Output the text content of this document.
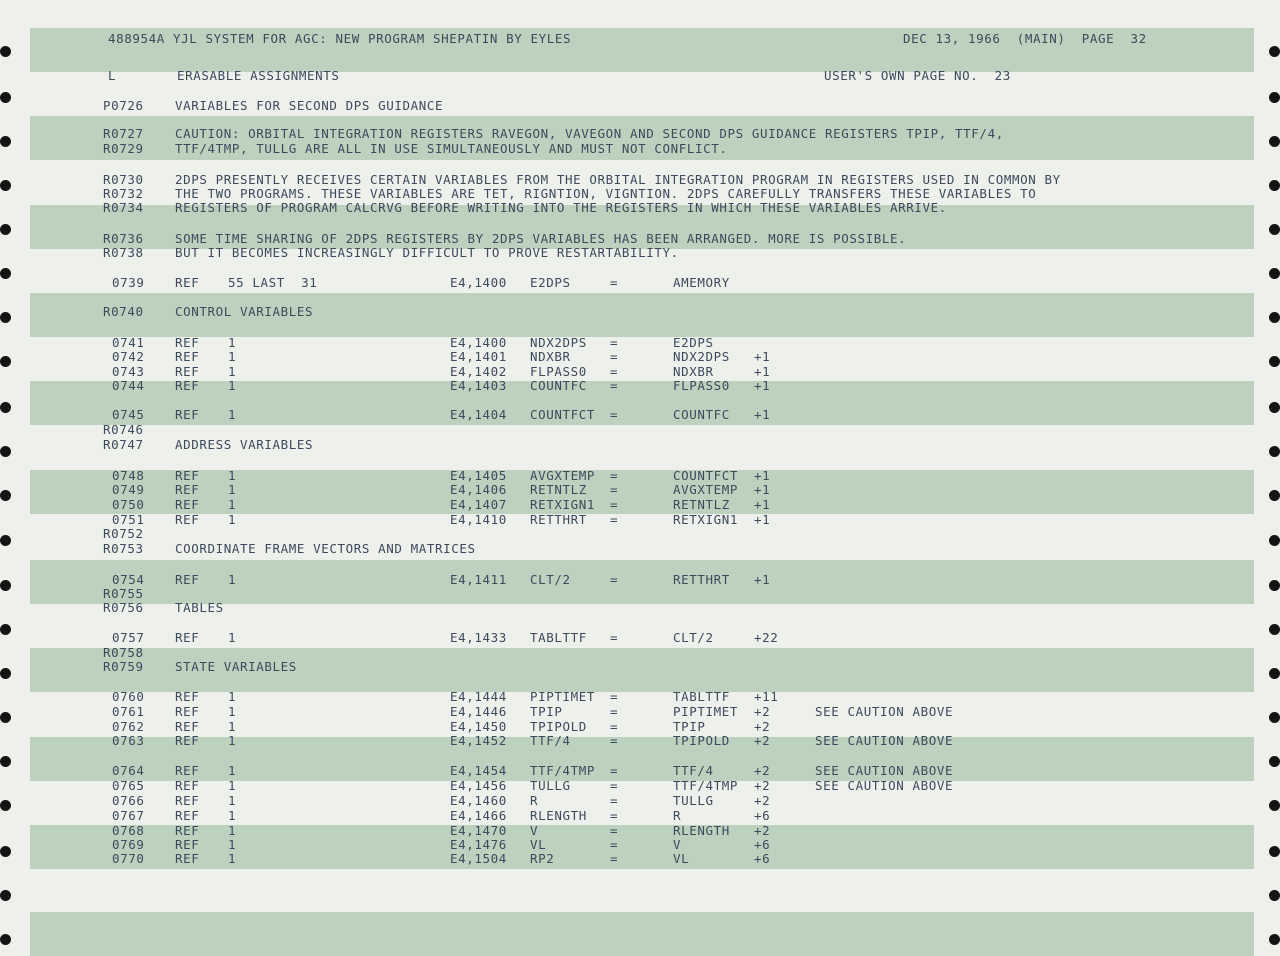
488954A YJL SYSTEM FOR AGC: NEW PROGRAM SHEPATIN BY EYLES	DEC 13, 1966  (MAIN)  PAGE  32
L	ERASABLE ASSIGNMENTS	USER'S OWN PAGE NO.  23
P0726	VARIABLES FOR SECOND DPS GUIDANCE
R0727	CAUTION: ORBITAL INTEGRATION REGISTERS RAVEGON, VAVEGON AND SECOND DPS GUIDANCE REGISTERS TPIP, TTF/4,
R0729	TTF/4TMP, TULLG ARE ALL IN USE SIMULTANEOUSLY AND MUST NOT CONFLICT.
R0730	2DPS PRESENTLY RECEIVES CERTAIN VARIABLES FROM THE ORBITAL INTEGRATION PROGRAM IN REGISTERS USED IN COMMON BY
R0732	THE TWO PROGRAMS. THESE VARIABLES ARE TET, RIGNTION, VIGNTION. 2DPS CAREFULLY TRANSFERS THESE VARIABLES TO
R0734	REGISTERS OF PROGRAM CALCRVG BEFORE WRITING INTO THE REGISTERS IN WHICH THESE VARIABLES ARRIVE.
R0736	SOME TIME SHARING OF 2DPS REGISTERS BY 2DPS VARIABLES HAS BEEN ARRANGED. MORE IS POSSIBLE.
R0738	BUT IT BECOMES INCREASINGLY DIFFICULT TO PROVE RESTARTABILITY.
0739 REF 55 LAST  31	E4,1400 E2DPS	=	AMEMORY
R0740	CONTROL VARIABLES
0741 REF 1	E4,1400 NDX2DPS =	E2DPS
0742 REF 1	E4,1401 NDXBR	=	NDX2DPS +1
0743 REF 1	E4,1402 FLPASS0 =	NDXBR	+1
0744 REF 1	E4,1403 COUNTFC =	FLPASS0 +1
0745 REF 1	E4,1404 COUNTFCT =	COUNTFC +1
R0746
R0747	ADDRESS VARIABLES
0748 REF 1	E4,1405 AVGXTEMP =	COUNTFCT +1
0749 REF 1	E4,1406 RETNTLZ =	AVGXTEMP +1
0750 REF 1	E4,1407 RETXIGN1 =	RETNTLZ +1
0751 REF 1	E4,1410 RETTHRT =	RETXIGN1 +1
R0752
R0753	COORDINATE FRAME VECTORS AND MATRICES
0754 REF 1	E4,1411 CLT/2	=	RETTHRT +1
R0755
R0756	TABLES
0757 REF 1	E4,1433 TABLTTF =	CLT/2	+22
R0758
R0759	STATE VARIABLES
0760 REF 1	E4,1444 PIPTIMET =	TABLTTF +11
0761 REF 1	E4,1446 TPIP	=	PIPTIMET +2	SEE CAUTION ABOVE
0762 REF 1	E4,1450 TPIPOLD =	TPIP	+2
0763 REF 1	E4,1452 TTF/4	=	TPIPOLD +2	SEE CAUTION ABOVE
0764 REF 1	E4,1454 TTF/4TMP =	TTF/4	+2	SEE CAUTION ABOVE
0765 REF 1	E4,1456 TULLG	=	TTF/4TMP +2	SEE CAUTION ABOVE
0766 REF 1	E4,1460 R	=	TULLG	+2
0767 REF 1	E4,1466 RLENGTH =	R	+6
0768 REF 1	E4,1470 V	=	RLENGTH +2
0769 REF 1	E4,1476 VL	=	V	+6
0770 REF 1	E4,1504 RP2	=	VL	+6
